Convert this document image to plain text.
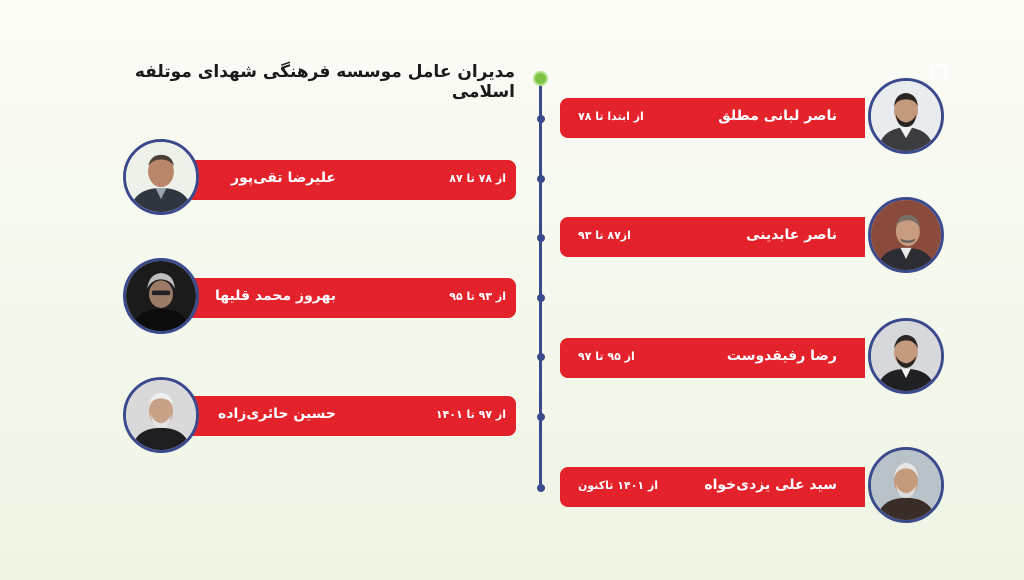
۲۶
مدیران عامل موسسه فرهنگی شهدای موتلفه اسلامی
ناصر لبانی مطلق
از ابتدا تا ۷۸
ناصر عابدینی
از۸۷ تا ۹۳
رضا رفیقدوست
از ۹۵ تا ۹۷
سید علی یزدی‌خواه
از ۱۴۰۱ تاکنون
علیرضا تقی‌پور	از ۷۸ تا ۸۷
بهروز محمد قلیها	از ۹۳ تا ۹۵
حسین حائری‌زاده	از ۹۷ تا ۱۴۰۱
